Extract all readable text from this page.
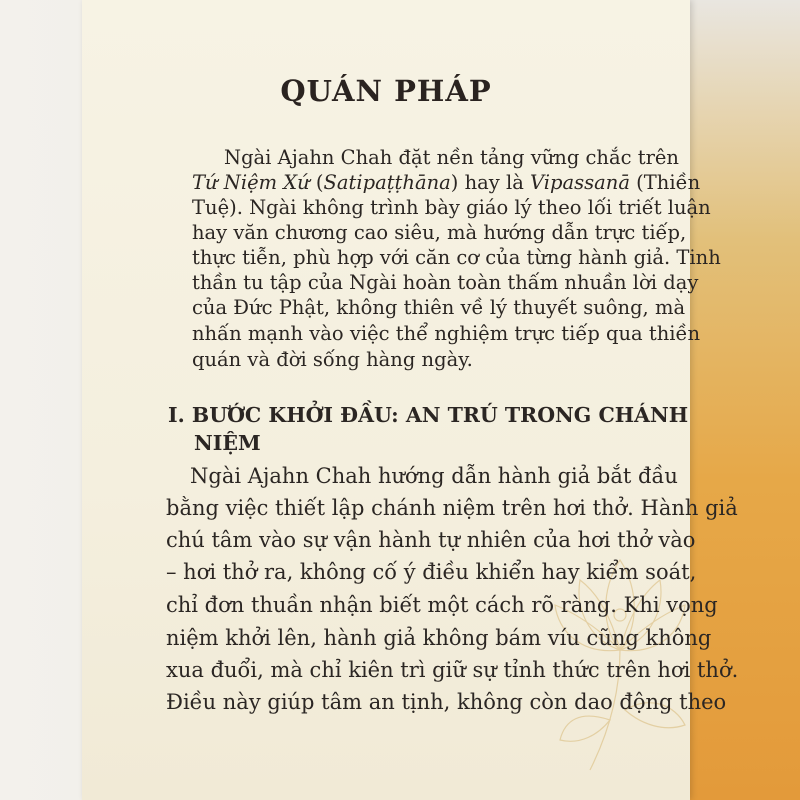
QUÁN PHÁP
Ngài Ajahn Chah đặt nền tảng vững chắc trên
Tứ Niệm Xứ (Satipaṭṭhāna) hay là Vipassanā (Thiền
Tuệ). Ngài không trình bày giáo lý theo lối triết luận
hay văn chương cao siêu, mà hướng dẫn trực tiếp,
thực tiễn, phù hợp với căn cơ của từng hành giả. Tinh
thần tu tập của Ngài hoàn toàn thấm nhuần lời dạy
của Đức Phật, không thiên về lý thuyết suông, mà
nhấn mạnh vào việc thể nghiệm trực tiếp qua thiền
quán và đời sống hàng ngày.
I. BƯỚC KHỞI ĐẦU: AN TRÚ TRONG CHÁNH
NIỆM
Ngài Ajahn Chah hướng dẫn hành giả bắt đầu
bằng việc thiết lập chánh niệm trên hơi thở. Hành giả
chú tâm vào sự vận hành tự nhiên của hơi thở vào
– hơi thở ra, không cố ý điều khiển hay kiểm soát,
chỉ đơn thuần nhận biết một cách rõ ràng. Khi vọng
niệm khởi lên, hành giả không bám víu cũng không
xua đuổi, mà chỉ kiên trì giữ sự tỉnh thức trên hơi thở.
Điều này giúp tâm an tịnh, không còn dao động theo
